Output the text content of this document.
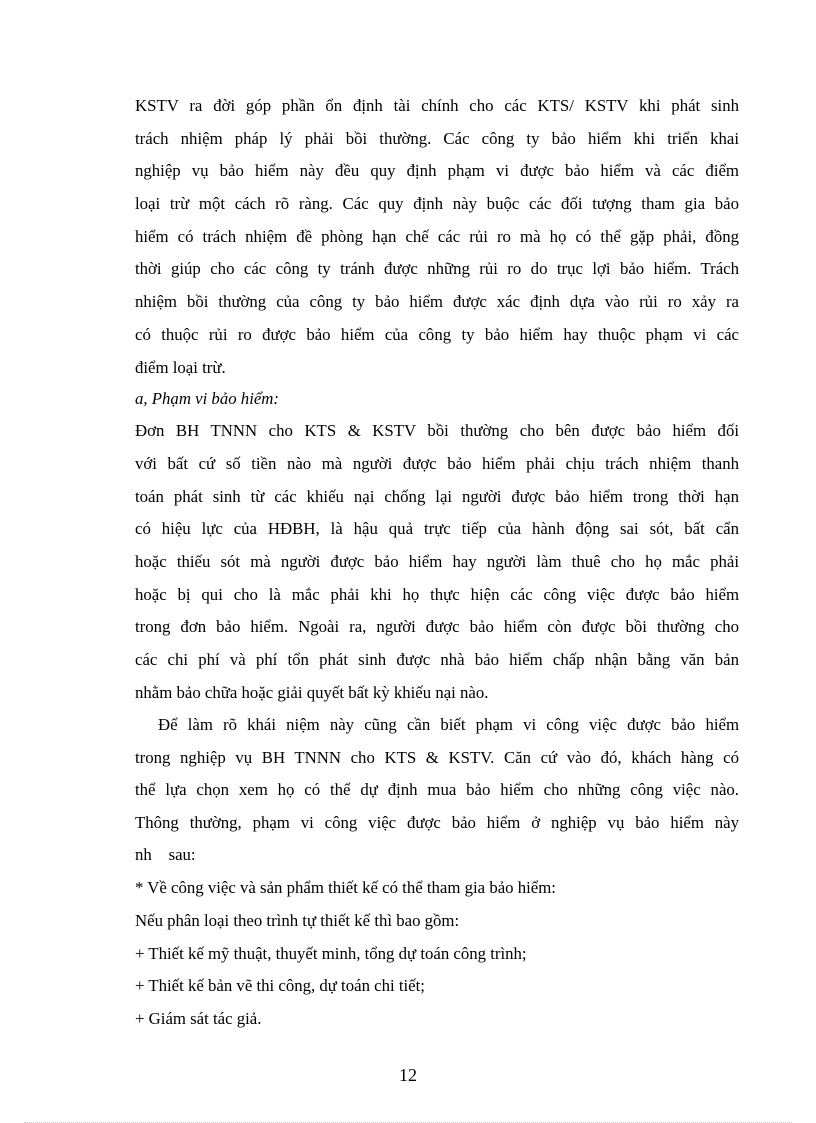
KSTV ra đời góp phần ổn định tài chính cho các KTS/ KSTV khi phát sinh
trách nhiệm pháp lý phải bồi thường. Các công ty bảo hiểm khi triển khai
nghiệp vụ bảo hiểm này đều quy định phạm vi được bảo hiểm và các điểm
loại trừ một cách rõ ràng. Các quy định này buộc các đối tượng tham gia bảo
hiểm có trách nhiệm đề phòng hạn chế các rủi ro mà họ có thể gặp phải, đồng
thời giúp cho các công ty tránh được những rủi ro do trục lợi bảo hiểm. Trách
nhiệm bồi thường của công ty bảo hiểm được xác định dựa vào rủi ro xảy ra
có thuộc rủi ro được bảo hiểm của công ty bảo hiểm hay thuộc phạm vi các
điểm loại trừ.
a, Phạm vi bảo hiểm:
Đơn BH TNNN cho KTS & KSTV bồi thường cho bên được bảo hiểm đối
với bất cứ số tiền nào mà người được bảo hiểm phải chịu trách nhiệm thanh
toán phát sinh từ các khiếu nại chống lại người được bảo hiểm trong thời hạn
có hiệu lực của HĐBH, là hậu quả trực tiếp của hành động sai sót, bất cẩn
hoặc thiếu sót mà người được bảo hiểm hay người làm thuê cho họ mắc phải
hoặc bị qui cho là mắc phải khi họ thực hiện các công việc được bảo hiểm
trong đơn bảo hiểm. Ngoài ra, người được bảo hiểm còn được bồi thường cho
các chi phí và phí tổn phát sinh được nhà bảo hiểm chấp nhận bằng văn bản
nhằm bảo chữa hoặc giải quyết bất kỳ khiếu nại nào.
Để làm rõ khái niệm này cũng cần biết phạm vi công việc được bảo hiểm
trong nghiệp vụ BH TNNN cho KTS & KSTV. Căn cứ vào đó, khách hàng có
thể lựa chọn xem họ có thể dự định mua bảo hiểm cho những công việc nào.
Thông thường, phạm vi công việc được bảo hiểm ở nghiệp vụ bảo hiểm này
nh    sau:
* Về công việc và sản phẩm thiết kế có thể tham gia bảo hiểm:
Nếu phân loại theo trình tự thiết kế thì bao gồm:
+ Thiết kế mỹ thuật, thuyết minh, tổng dự toán công trình;
+ Thiết kế bản vẽ thi công, dự toán chi tiết;
+ Giám sát tác giả.
12
